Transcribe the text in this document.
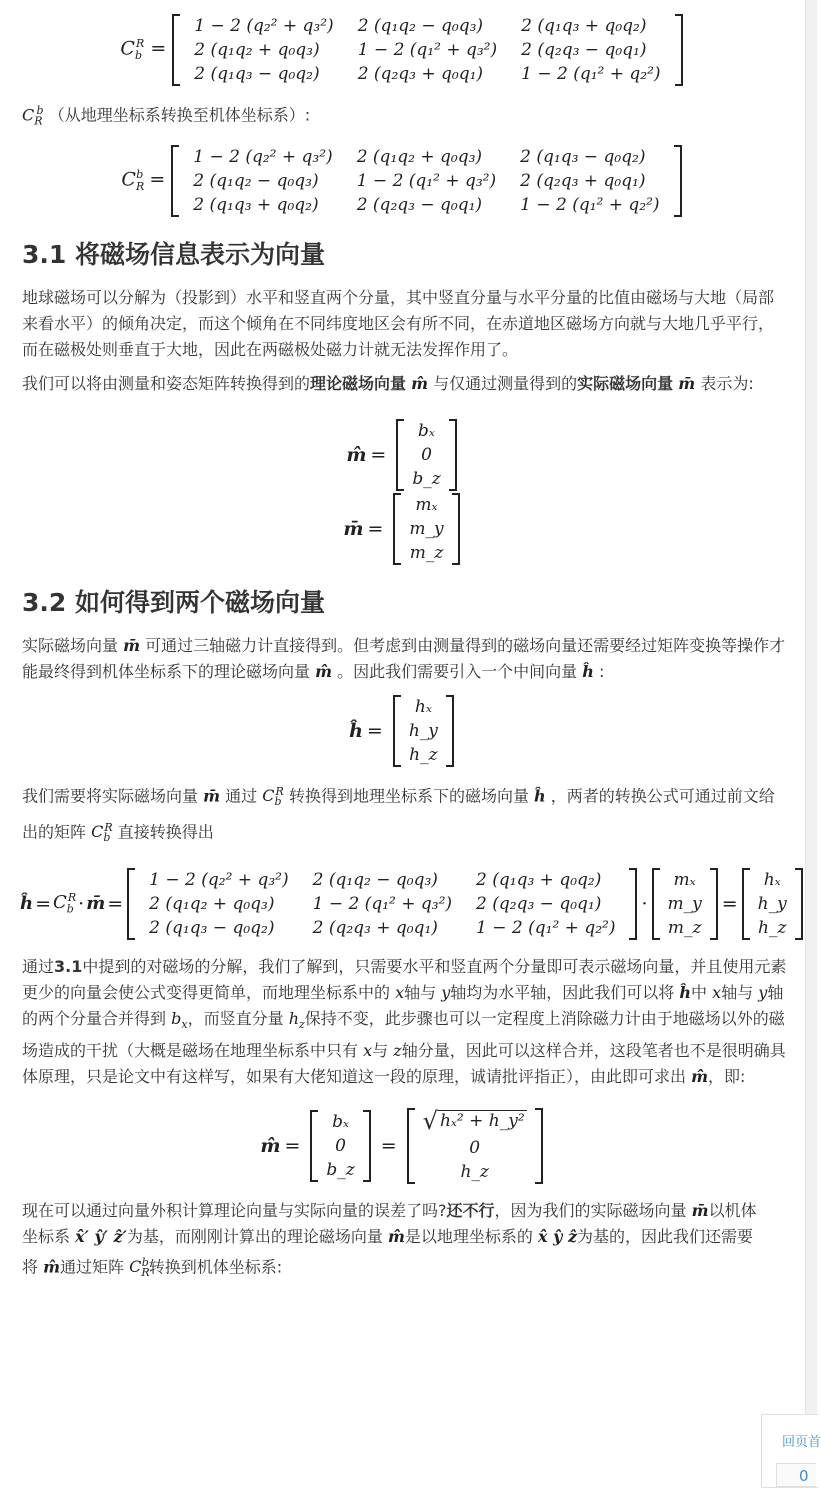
$C_b^R$ =
1 − 2 (q₂² + q₃²)	2 (q₁q₂ − q₀q₃)	2 (q₁q₃ + q₀q₂)
2 (q₁q₂ + q₀q₃)	1 − 2 (q₁² + q₃²)	2 (q₂q₃ − q₀q₁)
2 (q₁q₃ − q₀q₂)	2 (q₂q₃ + q₀q₁)	1 − 2 (q₁² + q₂²)

$C_R^b$ （从地理坐标系转换至机体坐标系）:

$C_R^b$ =
1 − 2 (q₂² + q₃²)	2 (q₁q₂ + q₀q₃)	2 (q₁q₃ − q₀q₂)
2 (q₁q₂ − q₀q₃)	1 − 2 (q₁² + q₃²)	2 (q₂q₃ + q₀q₁)
2 (q₁q₃ + q₀q₂)	2 (q₂q₃ − q₀q₁)	1 − 2 (q₁² + q₂²)
3.1 将磁场信息表示为向量

地球磁场可以分解为（投影到）水平和竖直两个分量，其中竖直分量与水平分量的比值由磁场与大地（局部来看水平）的倾角决定，而这个倾角在不同纬度地区会有所不同，在赤道地区磁场方向就与大地几乎平行，而在磁极处则垂直于大地，因此在两磁极处磁力计就无法发挥作用了。

我们可以将由测量和姿态矩阵转换得到的理论磁场向量 m̂ 与仅通过测量得到的实际磁场向量 m̄ 表示为:

m̂ =
bₓ
0
b_z
m̄ =
mₓ
m_y
m_z
3.2 如何得到两个磁场向量

实际磁场向量 m̄ 可通过三轴磁力计直接得到。但考虑到由测量得到的磁场向量还需要经过矩阵变换等操作才能最终得到机体坐标系下的理论磁场向量 m̂ 。因此我们需要引入一个中间向量 ĥ :

ĥ =
hₓ
h_y
h_z

我们需要将实际磁场向量 m̄ 通过 $C_b^R$ 转换得到地理坐标系下的磁场向量 ĥ ，两者的转换公式可通过前文给出的矩阵 $C_b^R$ 直接转换得出

ĥ = $C_b^R$ · m̄ =
1 − 2 (q₂² + q₃²)	2 (q₁q₂ − q₀q₃)	2 (q₁q₃ + q₀q₂)
2 (q₁q₂ + q₀q₃)	1 − 2 (q₁² + q₃²)	2 (q₂q₃ − q₀q₁)
2 (q₁q₃ − q₀q₂)	2 (q₂q₃ + q₀q₁)	1 − 2 (q₁² + q₂²)
·
mₓ
m_y
m_z
=
hₓ
h_y
h_z

通过3.1中提到的对磁场的分解，我们了解到，只需要水平和竖直两个分量即可表示磁场向量，并且使用元素更少的向量会使公式变得更简单，而地理坐标系中的 x轴与 y轴均为水平轴，因此我们可以将 ĥ中 x轴与 y轴的两个分量合并得到 $b_x$，而竖直分量 $h_z$保持不变，此步骤也可以一定程度上消除磁力计由于地磁场以外的磁场造成的干扰（大概是磁场在地理坐标系中只有 x与 z轴分量，因此可以这样合并，这段笔者也不是很明确具体原理，只是论文中有这样写，如果有大佬知道这一段的原理，诚请批评指正），由此即可求出 m̂，即:

m̂ =
bₓ
0
b_z
=
√ hₓ² + h_y²

0
h_z

现在可以通过向量外积计算理论向量与实际向量的误差了吗?还不行，因为我们的实际磁场向量 m̄以机体坐标系 x̂′ ŷ′ ẑ′为基，而刚刚计算出的理论磁场向量 m̂是以地理坐标系的 x̂ ŷ ẑ为基的，因此我们还需要将 m̂通过矩阵 $C_R^b$转换到机体坐标系:

回页首
0
